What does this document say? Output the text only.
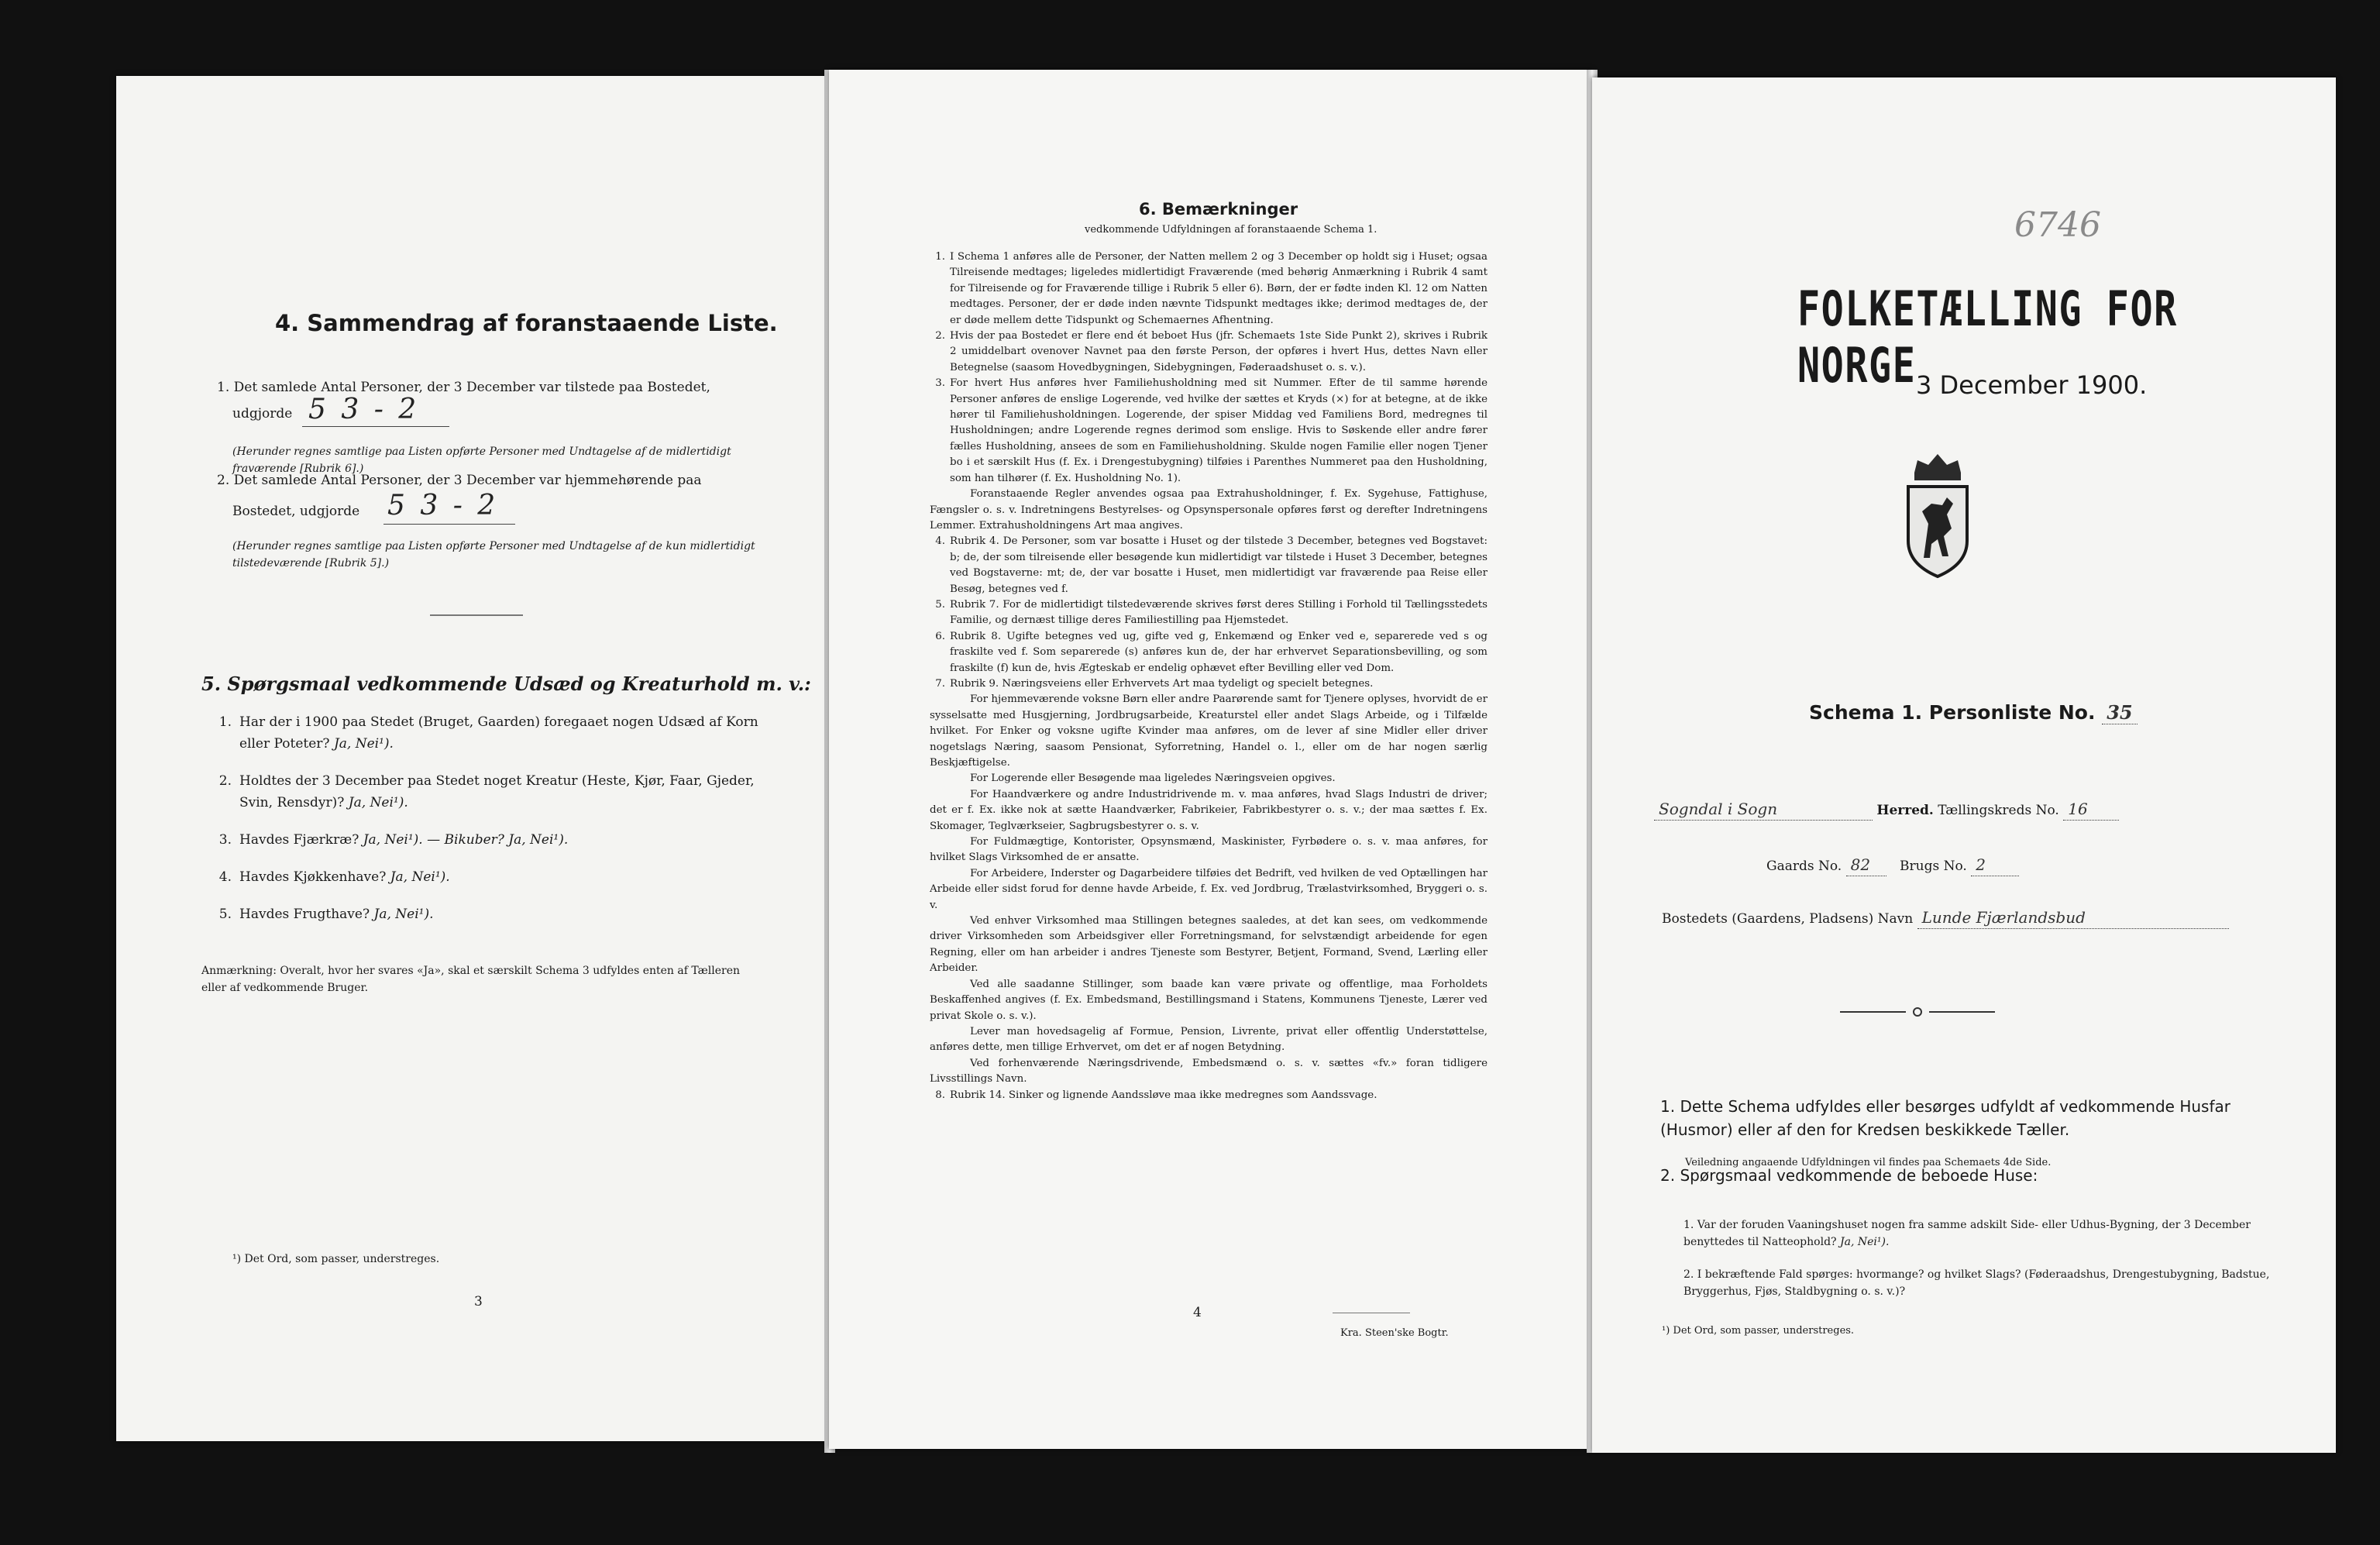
4. Sammendrag af foranstaaende Liste.

1. Det samlede Antal Personer, der 3 December var tilstede paa Bostedet,

udgjorde 5 3 - 2

(Herunder regnes samtlige paa Listen opførte Personer med Undtagelse af de midlertidigt fraværende [Rubrik 6].)

2. Det samlede Antal Personer, der 3 December var hjemmehørende paa

Bostedet, udgjorde 5 3 - 2

(Herunder regnes samtlige paa Listen opførte Personer med Undtagelse af de kun midlertidigt tilstedeværende [Rubrik 5].)

5. Spørgsmaal vedkommende Udsæd og Kreaturhold m. v.:
1. Har der i 1900 paa Stedet (Bruget, Gaarden) foregaaet nogen Udsæd af Korn eller Poteter? Ja, Nei¹).
2. Holdtes der 3 December paa Stedet noget Kreatur (Heste, Kjør, Faar, Gjeder, Svin, Rensdyr)? Ja, Nei¹).
3. Havdes Fjærkræ? Ja, Nei¹). — Bikuber? Ja, Nei¹).
4. Havdes Kjøkkenhave? Ja, Nei¹).
5. Havdes Frugthave? Ja, Nei¹).

Anmærkning: Overalt, hvor her svares «Ja», skal et særskilt Schema 3 udfyldes enten af Tælleren eller af vedkommende Bruger.

¹) Det Ord, som passer, understreges.

3

6. Bemærkninger
vedkommende Udfyldningen af foranstaaende Schema 1.
1. I Schema 1 anføres alle de Personer, der Natten mellem 2 og 3 December op holdt sig i Huset; ogsaa Tilreisende medtages; ligeledes midlertidigt Fraværende (med behørig Anmærkning i Rubrik 4 samt for Tilreisende og for Fraværende tillige i Rubrik 5 eller 6). Børn, der er fødte inden Kl. 12 om Natten medtages. Personer, der er døde inden nævnte Tidspunkt medtages ikke; derimod medtages de, der er døde mellem dette Tidspunkt og Schemaernes Afhentning.
2. Hvis der paa Bostedet er flere end ét beboet Hus (jfr. Schemaets 1ste Side Punkt 2), skrives i Rubrik 2 umiddelbart ovenover Navnet paa den første Person, der opføres i hvert Hus, dettes Navn eller Betegnelse (saasom Hovedbygningen, Sidebygningen, Føderaadshuset o. s. v.).
3. For hvert Hus anføres hver Familiehusholdning med sit Nummer. Efter de til samme hørende Personer anføres de enslige Logerende, ved hvilke der sættes et Kryds (×) for at betegne, at de ikke hører til Familiehusholdningen. Logerende, der spiser Middag ved Familiens Bord, medregnes til Husholdningen; andre Logerende regnes derimod som enslige. Hvis to Søskende eller andre fører fælles Husholdning, ansees de som en Familiehusholdning. Skulde nogen Familie eller nogen Tjener bo i et særskilt Hus (f. Ex. i Drengestubygning) tilføies i Parenthes Nummeret paa den Husholdning, som han tilhører (f. Ex. Husholdning No. 1).

Foranstaaende Regler anvendes ogsaa paa Extrahusholdninger, f. Ex. Sygehuse, Fattighuse, Fængsler o. s. v. Indretningens Bestyrelses- og Opsynspersonale opføres først og derefter Indretningens Lemmer. Extrahusholdningens Art maa angives.

4. Rubrik 4. De Personer, som var bosatte i Huset og der tilstede 3 December, betegnes ved Bogstavet: b; de, der som tilreisende eller besøgende kun midlertidigt var tilstede i Huset 3 December, betegnes ved Bogstaverne: mt; de, der var bosatte i Huset, men midlertidigt var fraværende paa Reise eller Besøg, betegnes ved f.
5. Rubrik 7. For de midlertidigt tilstedeværende skrives først deres Stilling i Forhold til Tællingsstedets Familie, og dernæst tillige deres Familiestilling paa Hjemstedet.
6. Rubrik 8. Ugifte betegnes ved ug, gifte ved g, Enkemænd og Enker ved e, separerede ved s og fraskilte ved f. Som separerede (s) anføres kun de, der har erhvervet Separationsbevilling, og som fraskilte (f) kun de, hvis Ægteskab er endelig ophævet efter Bevilling eller ved Dom.
7. Rubrik 9. Næringsveiens eller Erhvervets Art maa tydeligt og specielt betegnes.

For hjemmeværende voksne Børn eller andre Paarørende samt for Tjenere oplyses, hvorvidt de er sysselsatte med Husgjerning, Jordbrugsarbeide, Kreaturstel eller andet Slags Arbeide, og i Tilfælde hvilket. For Enker og voksne ugifte Kvinder maa anføres, om de lever af sine Midler eller driver nogetslags Næring, saasom Pensionat, Syforretning, Handel o. l., eller om de har nogen særlig Beskjæftigelse.

For Logerende eller Besøgende maa ligeledes Næringsveien opgives.

For Haandværkere og andre Industridrivende m. v. maa anføres, hvad Slags Industri de driver; det er f. Ex. ikke nok at sætte Haandværker, Fabrikeier, Fabrikbestyrer o. s. v.; der maa sættes f. Ex. Skomager, Teglværkseier, Sagbrugsbestyrer o. s. v.

For Fuldmægtige, Kontorister, Opsynsmænd, Maskinister, Fyrbødere o. s. v. maa anføres, for hvilket Slags Virksomhed de er ansatte.

For Arbeidere, Inderster og Dagarbeidere tilføies det Bedrift, ved hvilken de ved Optællingen har Arbeide eller sidst forud for denne havde Arbeide, f. Ex. ved Jordbrug, Trælastvirksomhed, Bryggeri o. s. v.

Ved enhver Virksomhed maa Stillingen betegnes saaledes, at det kan sees, om vedkommende driver Virksomheden som Arbeidsgiver eller Forretningsmand, for selvstændigt arbeidende for egen Regning, eller om han arbeider i andres Tjeneste som Bestyrer, Betjent, Formand, Svend, Lærling eller Arbeider.

Ved alle saadanne Stillinger, som baade kan være private og offentlige, maa Forholdets Beskaffenhed angives (f. Ex. Embedsmand, Bestillingsmand i Statens, Kommunens Tjeneste, Lærer ved privat Skole o. s. v.).

Lever man hovedsagelig af Formue, Pension, Livrente, privat eller offentlig Understøttelse, anføres dette, men tillige Erhvervet, om det er af nogen Betydning.

Ved forhenværende Næringsdrivende, Embedsmænd o. s. v. sættes «fv.» foran tidligere Livsstillings Navn.

8. Rubrik 14. Sinker og lignende Aandssløve maa ikke medregnes som Aandssvage.

4

Kra. Steen'ske Bogtr.

6746
FOLKETÆLLING FOR NORGE 3 December 1900.
Schema 1. Personliste No. 35
Sogndal i Sogn	Herred. Tællingskreds No. 16
Gaards No. 82 Brugs No. 2
Bostedets (Gaardens, Pladsens) Navn Lunde Fjærlandsbud

1. Dette Schema udfyldes eller besørges udfyldt af vedkommende Husfar (Husmor) eller af den for Kredsen beskikkede Tæller.

Veiledning angaaende Udfyldningen vil findes paa Schemaets 4de Side.

2. Spørgsmaal vedkommende de beboede Huse:

1. Var der foruden Vaaningshuset nogen fra samme adskilt Side- eller Udhus-Bygning, der 3 December benyttedes til Natteophold? Ja, Nei¹).

2. I bekræftende Fald spørges: hvormange? og hvilket Slags? (Føderaadshus, Drengestubygning, Badstue, Bryggerhus, Fjøs, Staldbygning o. s. v.)?

¹) Det Ord, som passer, understreges.
